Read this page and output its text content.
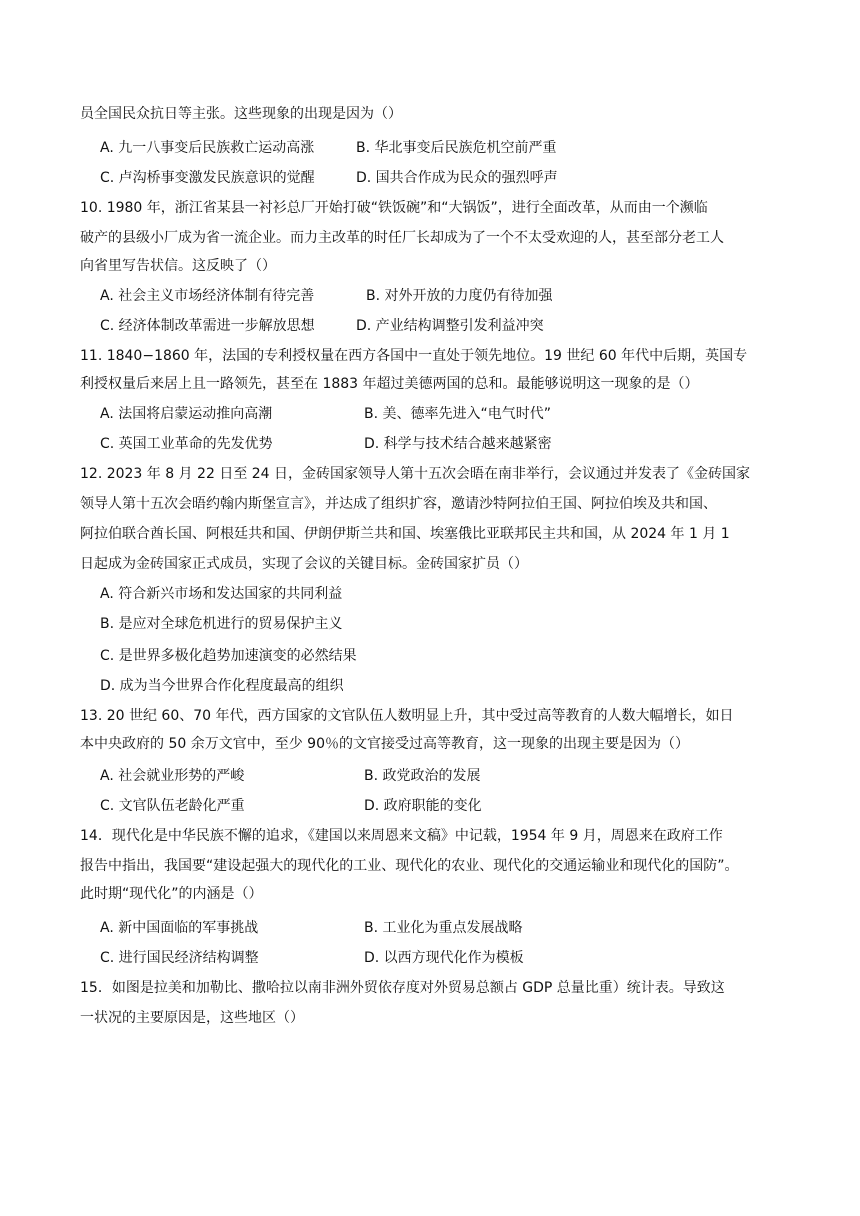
员全国民众抗日等主张。这些现象的出现是因为（）
A. 九一八事变后民族救亡运动高涨	B. 华北事变后民族危机空前严重
C. 卢沟桥事变激发民族意识的觉醒	D. 国共合作成为民众的强烈呼声
10. 1980 年，浙江省某县一衬衫总厂开始打破“铁饭碗”和“大锅饭”，进行全面改革，从而由一个濒临
破产的县级小厂成为省一流企业。而力主改革的时任厂长却成为了一个不太受欢迎的人，甚至部分老工人
向省里写告状信。这反映了（）
A. 社会主义市场经济体制有待完善	B. 对外开放的力度仍有待加强
C. 经济体制改革需进一步解放思想	D. 产业结构调整引发利益冲突
11. 1840−1860 年，法国的专利授权量在西方各国中一直处于领先地位。19 世纪 60 年代中后期，英国专
利授权量后来居上且一路领先，甚至在 1883 年超过美德两国的总和。最能够说明这一现象的是（）
A. 法国将启蒙运动推向高潮	B. 美、德率先进入“电气时代”
C. 英国工业革命的先发优势	D. 科学与技术结合越来越紧密
12. 2023 年 8 月 22 日至 24 日，金砖国家领导人第十五次会晤在南非举行，会议通过并发表了《金砖国家
领导人第十五次会晤约翰内斯堡宣言》，并达成了组织扩容，邀请沙特阿拉伯王国、阿拉伯埃及共和国、
阿拉伯联合酋长国、阿根廷共和国、伊朗伊斯兰共和国、埃塞俄比亚联邦民主共和国，从 2024 年 1 月 1
日起成为金砖国家正式成员，实现了会议的关键目标。金砖国家扩员（）
A. 符合新兴市场和发达国家的共同利益
B. 是应对全球危机进行的贸易保护主义
C. 是世界多极化趋势加速演变的必然结果
D. 成为当今世界合作化程度最高的组织
13. 20 世纪 60、70 年代，西方国家的文官队伍人数明显上升，其中受过高等教育的人数大幅增长，如日
本中央政府的 50 余万文官中，至少 90％的文官接受过高等教育，这一现象的出现主要是因为（）
A. 社会就业形势的严峻	B. 政党政治的发展
C. 文官队伍老龄化严重	D. 政府职能的变化
14．现代化是中华民族不懈的追求，《建国以来周恩来文稿》中记载，1954 年 9 月，周恩来在政府工作
报告中指出，我国要“建设起强大的现代化的工业、现代化的农业、现代化的交通运输业和现代化的国防”。
此时期“现代化”的内涵是（）
A. 新中国面临的军事挑战	B. 工业化为重点发展战略
C. 进行国民经济结构调整	D. 以西方现代化作为模板
15．如图是拉美和加勒比、撒哈拉以南非洲外贸依存度对外贸易总额占 GDP 总量比重）统计表。导致这
一状况的主要原因是，这些地区（）
